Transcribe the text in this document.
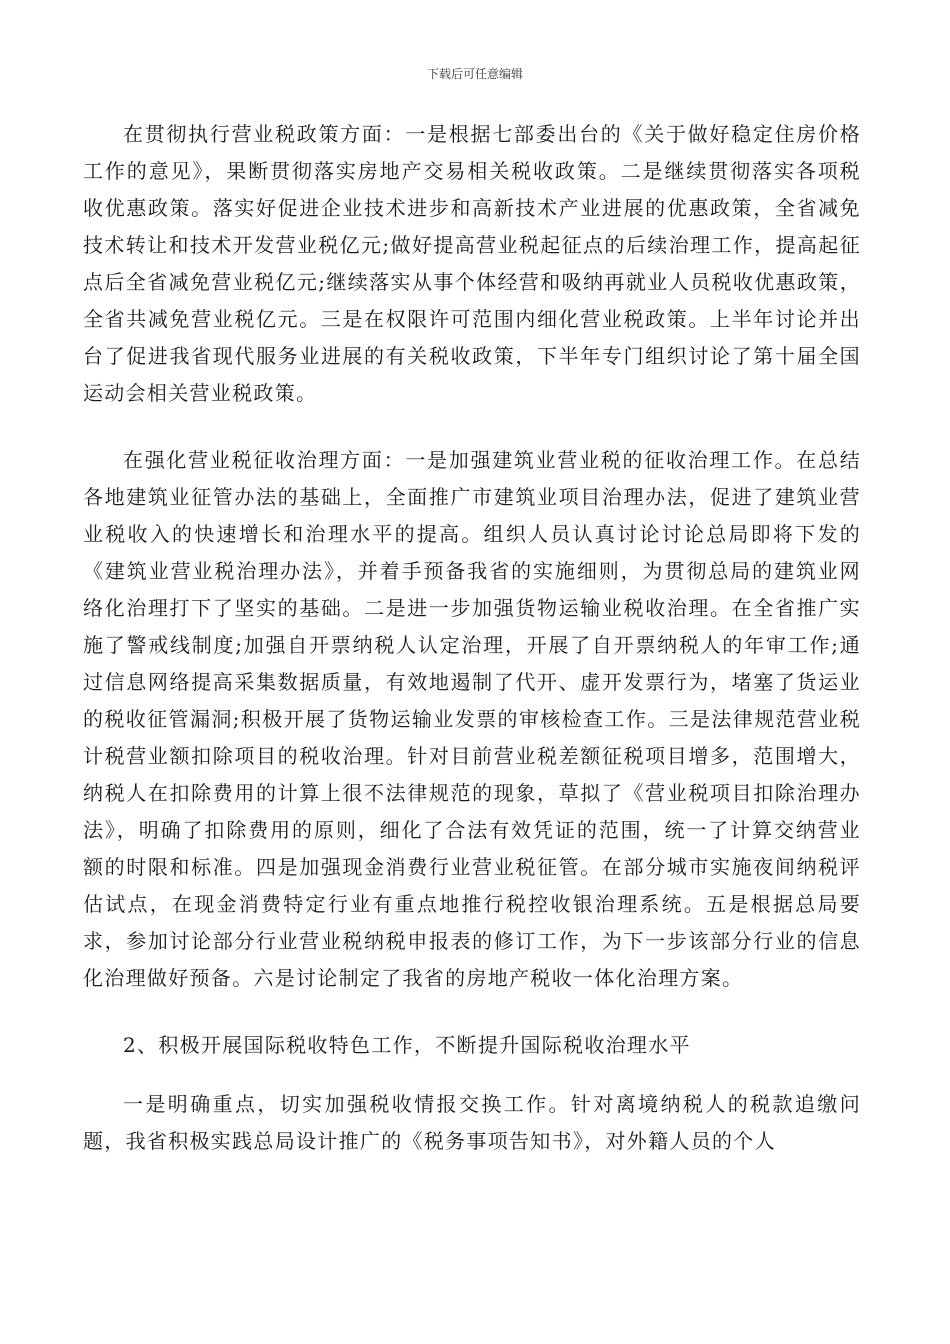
下载后可任意编辑

在贯彻执行营业税政策方面：一是根据七部委出台的《关于做好稳定住房价格工作的意见》，果断贯彻落实房地产交易相关税收政策。二是继续贯彻落实各项税收优惠政策。落实好促进企业技术进步和高新技术产业进展的优惠政策，全省减免技术转让和技术开发营业税亿元;做好提高营业税起征点的后续治理工作，提高起征点后全省减免营业税亿元;继续落实从事个体经营和吸纳再就业人员税收优惠政策，全省共减免营业税亿元。三是在权限许可范围内细化营业税政策。上半年讨论并出台了促进我省现代服务业进展的有关税收政策，下半年专门组织讨论了第十届全国运动会相关营业税政策。

在强化营业税征收治理方面：一是加强建筑业营业税的征收治理工作。在总结各地建筑业征管办法的基础上，全面推广市建筑业项目治理办法，促进了建筑业营业税收入的快速增长和治理水平的提高。组织人员认真讨论讨论总局即将下发的《建筑业营业税治理办法》，并着手预备我省的实施细则，为贯彻总局的建筑业网络化治理打下了坚实的基础。二是进一步加强货物运输业税收治理。在全省推广实施了警戒线制度;加强自开票纳税人认定治理，开展了自开票纳税人的年审工作;通过信息网络提高采集数据质量，有效地遏制了代开、虚开发票行为，堵塞了货运业的税收征管漏洞;积极开展了货物运输业发票的审核检查工作。三是法律规范营业税计税营业额扣除项目的税收治理。针对目前营业税差额征税项目增多，范围增大，纳税人在扣除费用的计算上很不法律规范的现象，草拟了《营业税项目扣除治理办法》，明确了扣除费用的原则，细化了合法有效凭证的范围，统一了计算交纳营业额的时限和标准。四是加强现金消费行业营业税征管。在部分城市实施夜间纳税评估试点，在现金消费特定行业有重点地推行税控收银治理系统。五是根据总局要求，参加讨论部分行业营业税纳税申报表的修订工作，为下一步该部分行业的信息化治理做好预备。六是讨论制定了我省的房地产税收一体化治理方案。

2、积极开展国际税收特色工作，不断提升国际税收治理水平

一是明确重点，切实加强税收情报交换工作。针对离境纳税人的税款追缴问题，我省积极实践总局设计推广的《税务事项告知书》，对外籍人员的个人
